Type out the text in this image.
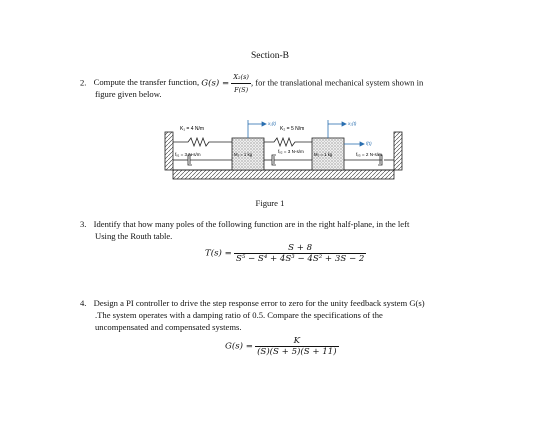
Section-B
2. Compute the transfer function, $G(s) = \frac{\text{X₂(s)}}{F(S)}$ , for the translational mechanical system shown in
figure given below.
K₁ = 4 N/m	K₂ = 5 N/m
x₁(t)	x₂(t)
fᵥ₁ = 3 N-s/m	M₁ = 1 kg
fᵥ₂ = 3 N-s/m
M₂ = 1 kg
f(t)
fᵥ₃ = 2 N-s/m
Figure 1
3. Identify that how many poles of the following function are in the right half-plane, in the left
Using the Routh table.
$T(s) = \frac{S + 8}{\text{S⁵ − S⁴ + 4S³ − 4S² + 3S − 2}}$
4. Design a PI controller to drive the step response error to zero for the unity feedback system G(s)
.The system operates with a damping ratio of 0.5. Compare the specifications of the
uncompensated and compensated systems.
$G(s) = \frac{K}{(S)(S + 5)(S + 11)}$
